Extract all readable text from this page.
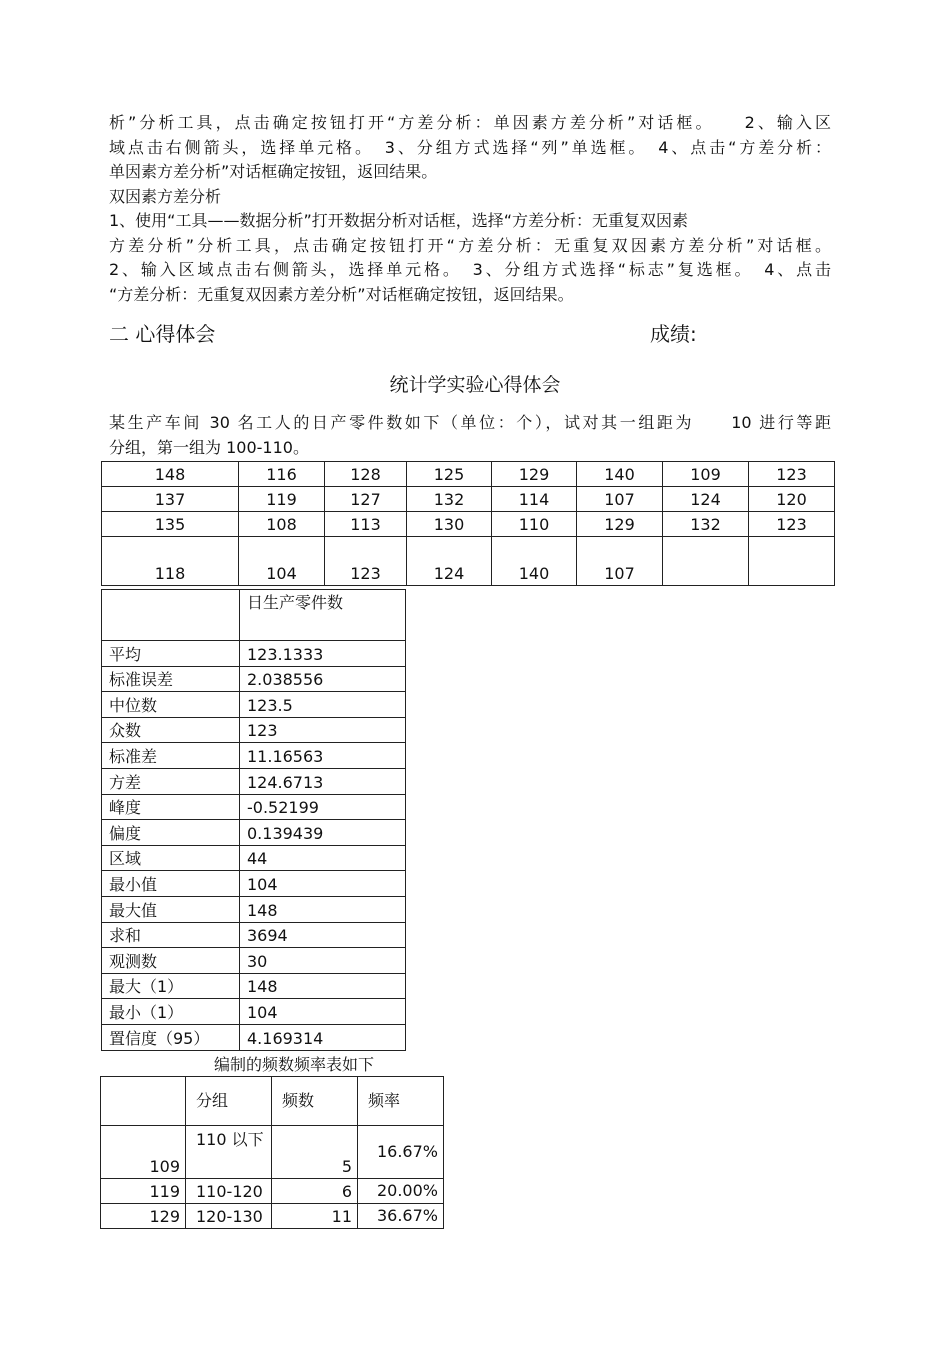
析”分析工具，点击确定按钮打开“方差分析：单因素方差分析”对话框。　　2、输入区
域点击右侧箭头，选择单元格。　3、分组方式选择“列”单选框。　4、点击“方差分析：
单因素方差分析”对话框确定按钮，返回结果。
双因素方差分析
1、使用“工具——数据分析”打开数据分析对话框，选择“方差分析：无重复双因素
方差分析”分析工具，点击确定按钮打开“方差分析：无重复双因素方差分析”对话框。
2、输入区域点击右侧箭头，选择单元格。　3、分组方式选择“标志”复选框。　4、点击
“方差分析：无重复双因素方差分析”对话框确定按钮，返回结果。
二 心得体会	成绩:
统计学实验心得体会
某生产车间 30 名工人的日产零件数如下（单位：个），试对其一组距为　　10 进行等距
分组，第一组为 100-110。
148	116	128	125	129	140	109	123
137	119	127	132	114	107	124	120
135	108	113	130	110	129	132	123
118	104	123	124	140	107		
	日生产零件数
平均	123.1333
标准误差	2.038556
中位数	123.5
众数	123
标准差	11.16563
方差	124.6713
峰度	-0.52199
偏度	0.139439
区域	44
最小值	104
最大值	148
求和	3694
观测数	30
最大（1）	148
最小（1）	104
置信度（95）	4.169314
编制的频数频率表如下
	分组	频数	频率
109	110 以下	5	16.67%
119	110-120	6	20.00%
129	120-130	11	36.67%
